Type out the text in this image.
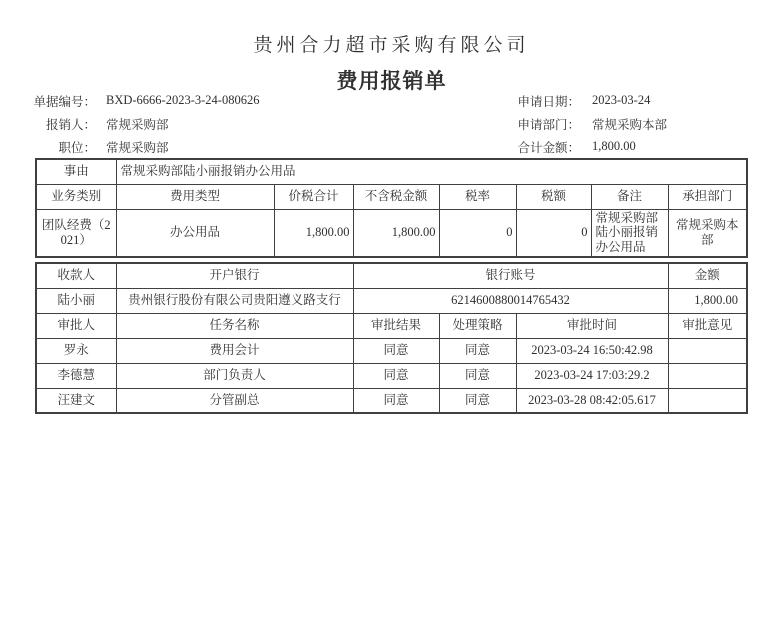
贵州合力超市采购有限公司
费用报销单
单据编号： BXD-6666-2023-3-24-080626
报销人： 常规采购部
职位： 常规采购部
申请日期： 2023-03-24
申请部门： 常规采购本部
合计金额： 1,800.00
事由	常规采购部陆小丽报销办公用品						
业务类别	费用类型	价税合计	不含税金额	税率	税额	备注	承担部门
团队经费（2021）	办公用品	1,800.00	1,800.00	0	0	常规采购部陆小丽报销办公用品	常规采购本部
收款人	开户银行	银行账号			金额
陆小丽	贵州银行股份有限公司贵阳遵义路支行	6214600880014765432			1,800.00
审批人	任务名称	审批结果	处理策略	审批时间	审批意见
罗永	费用会计	同意	同意	2023-03-24 16:50:42.98	
李德慧	部门负责人	同意	同意	2023-03-24 17:03:29.2	
汪建文	分管副总	同意	同意	2023-03-28 08:42:05.617	
